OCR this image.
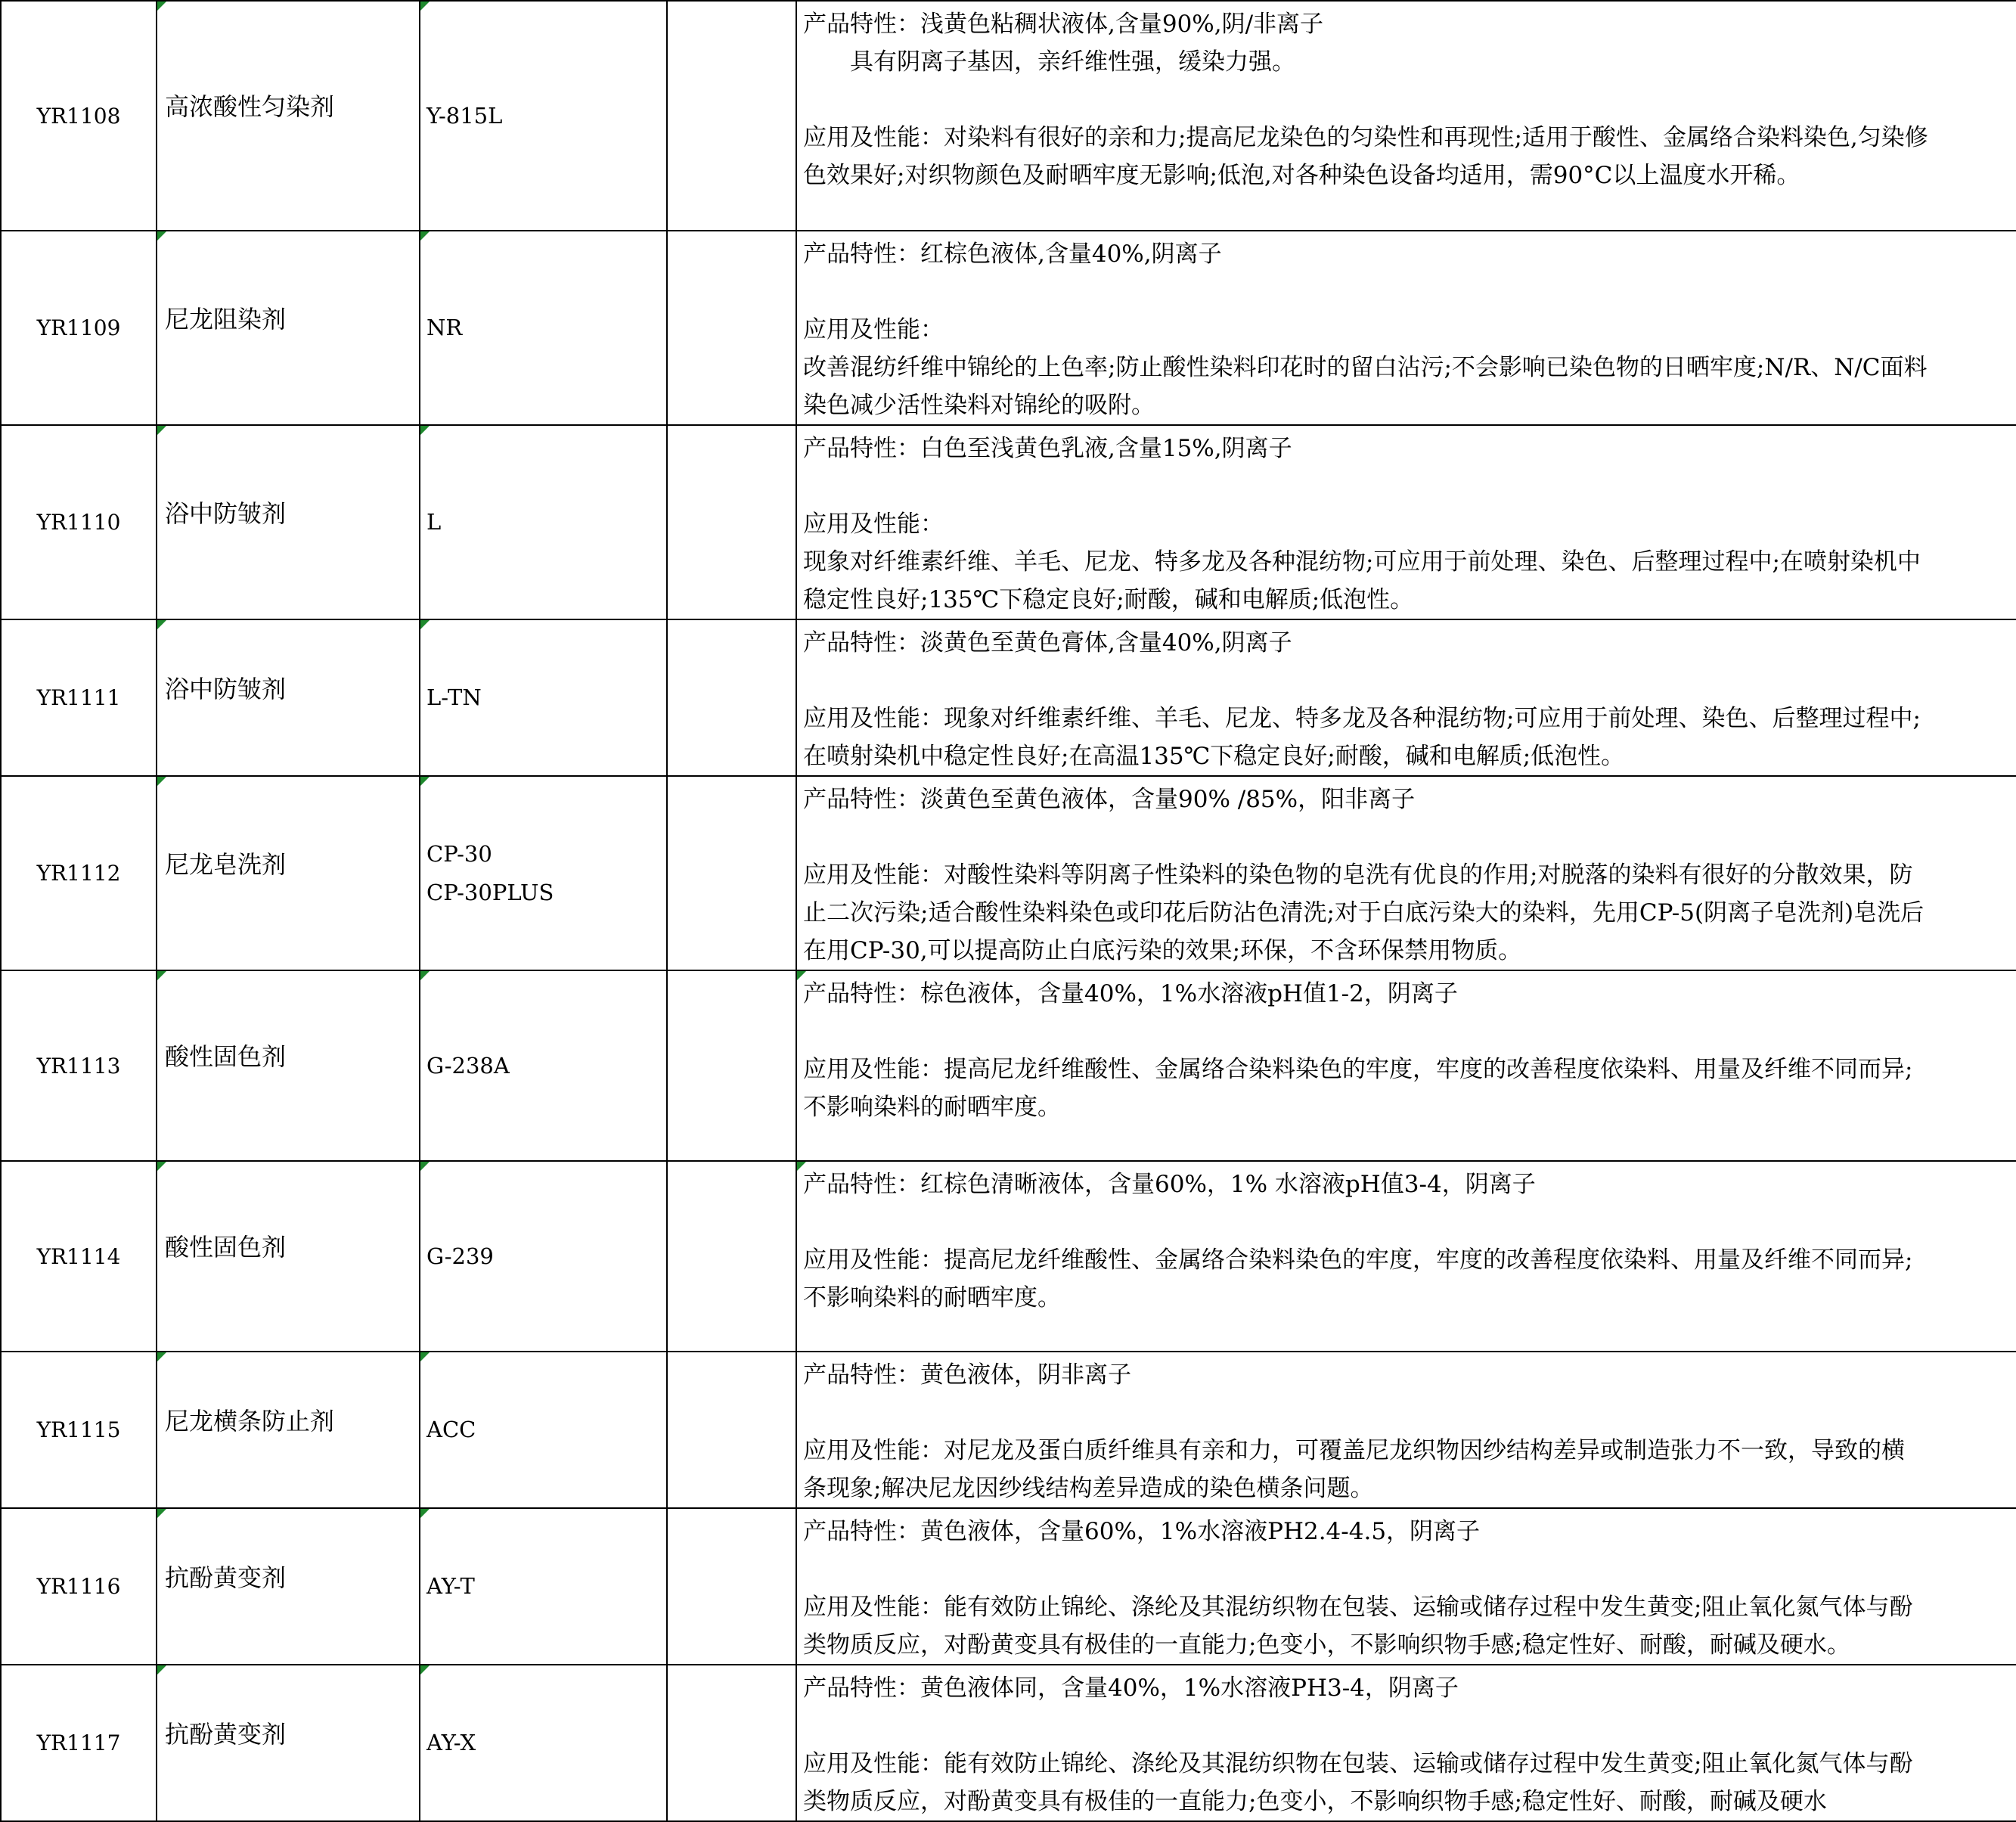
YR1108	高浓酸性匀染剂	Y-815L		产品特性：浅黄色粘稠状液体,含量90%,阴/非离子
　　具有阴离子基因，亲纤维性强，缓染力强。
应用及性能：对染料有很好的亲和力;提高尼龙染色的匀染性和再现性;适用于酸性、金属络合染料染色,匀染修
色效果好;对织物颜色及耐晒牢度无影响;低泡,对各种染色设备均适用，需90°C以上温度水开稀。

YR1109	尼龙阻染剂	NR		产品特性：红棕色液体,含量40%,阴离子
应用及性能：
改善混纺纤维中锦纶的上色率;防止酸性染料印花时的留白沾污;不会影响已染色物的日晒牢度;N/R、N/C面料
染色减少活性染料对锦纶的吸附。

YR1110	浴中防皱剂	L		产品特性：白色至浅黄色乳液,含量15%,阴离子
应用及性能：
现象对纤维素纤维、羊毛、尼龙、特多龙及各种混纺物;可应用于前处理、染色、后整理过程中;在喷射染机中
稳定性良好;135℃下稳定良好;耐酸，碱和电解质;低泡性。

YR1111	浴中防皱剂	L-TN		产品特性：淡黄色至黄色膏体,含量40%,阴离子
应用及性能：现象对纤维素纤维、羊毛、尼龙、特多龙及各种混纺物;可应用于前处理、染色、后整理过程中;
在喷射染机中稳定性良好;在高温135℃下稳定良好;耐酸，碱和电解质;低泡性。

YR1112	尼龙皂洗剂	CP-30
CP-30PLUS		产品特性：淡黄色至黄色液体，含量90% /85%，阳非离子
应用及性能：对酸性染料等阴离子性染料的染色物的皂洗有优良的作用;对脱落的染料有很好的分散效果，防
止二次污染;适合酸性染料染色或印花后防沾色清洗;对于白底污染大的染料，先用CP-5(阴离子皂洗剂)皂洗后
在用CP-30,可以提高防止白底污染的效果;环保，不含环保禁用物质。

YR1113	酸性固色剂	G-238A		产品特性：棕色液体，含量40%，1%水溶液pH值1-2，阴离子
应用及性能：提高尼龙纤维酸性、金属络合染料染色的牢度，牢度的改善程度依染料、用量及纤维不同而异;
不影响染料的耐晒牢度。

YR1114	酸性固色剂	G-239		产品特性：红棕色清晰液体，含量60%，1% 水溶液pH值3-4，阴离子
应用及性能：提高尼龙纤维酸性、金属络合染料染色的牢度，牢度的改善程度依染料、用量及纤维不同而异;
不影响染料的耐晒牢度。

YR1115	尼龙横条防止剂	ACC		产品特性：黄色液体，阴非离子
应用及性能：对尼龙及蛋白质纤维具有亲和力，可覆盖尼龙织物因纱结构差异或制造张力不一致，导致的横
条现象;解决尼龙因纱线结构差异造成的染色横条问题。

YR1116	抗酚黄变剂	AY-T		产品特性：黄色液体，含量60%，1%水溶液PH2.4-4.5，阴离子
应用及性能：能有效防止锦纶、涤纶及其混纺织物在包装、运输或储存过程中发生黄变;阻止氧化氮气体与酚
类物质反应，对酚黄变具有极佳的一直能力;色变小，不影响织物手感;稳定性好、耐酸，耐碱及硬水。

YR1117	抗酚黄变剂	AY-X		产品特性：黄色液体同，含量40%，1%水溶液PH3-4，阴离子
应用及性能：能有效防止锦纶、涤纶及其混纺织物在包装、运输或储存过程中发生黄变;阻止氧化氮气体与酚
类物质反应，对酚黄变具有极佳的一直能力;色变小，不影响织物手感;稳定性好、耐酸，耐碱及硬水
